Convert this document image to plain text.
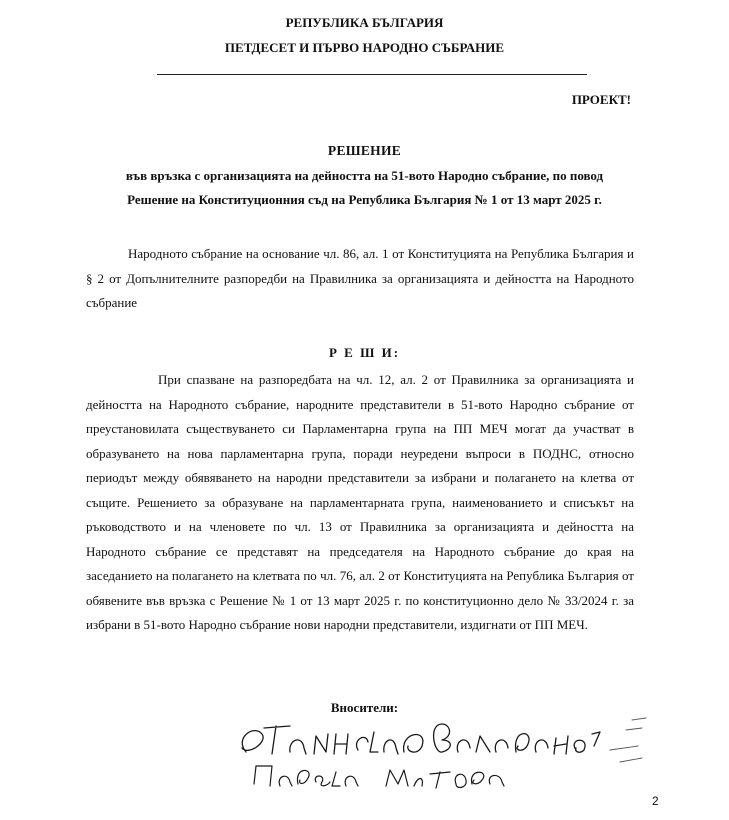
РЕПУБЛИКА БЪЛГАРИЯ
ПЕТДЕСЕТ И ПЪРВО НАРОДНО СЪБРАНИЕ
ПРОЕКТ!
РЕШЕНИЕ
във връзка с организацията на дейността на 51-вото Народно събрание, по повод
Решение на Конституционния съд на Република България № 1 от 13 март 2025 г.

Народното събрание на основание чл. 86, ал. 1 от Конституцията на Република България и § 2 от Допълнителните разпоредби на Правилника за организацията и дейността на Народното събрание

Р Е Ш И:

При спазване на разпоредбата на чл. 12, ал. 2 от Правилника за организацията и дейността на Народното събрание, народните представители в 51-вото Народно събрание от преустановилата съществуването си Парламентарна група на ПП МЕЧ могат да участват в образуването на нова парламентарна група, поради неуредени въпроси в ПОДНС, относно периодът между обявяването на народни представители за избрани и полагането на клетва от същите. Решението за образуване на парламентарната група, наименованието и списъкът на ръководството и на членовете по чл. 13 от Правилника за организацията и дейността на Народното събрание се представят на председателя на Народното събрание до края на заседанието на полагането на клетвата по чл. 76, ал. 2 от Конституцията на Република България от обявените във връзка с Решение № 1 от 13 март 2025 г. по конституционно дело № 33/2024 г. за избрани в 51-вото Народно събрание нови народни представители, издигнати от ПП МЕЧ.

Вносители:
2
